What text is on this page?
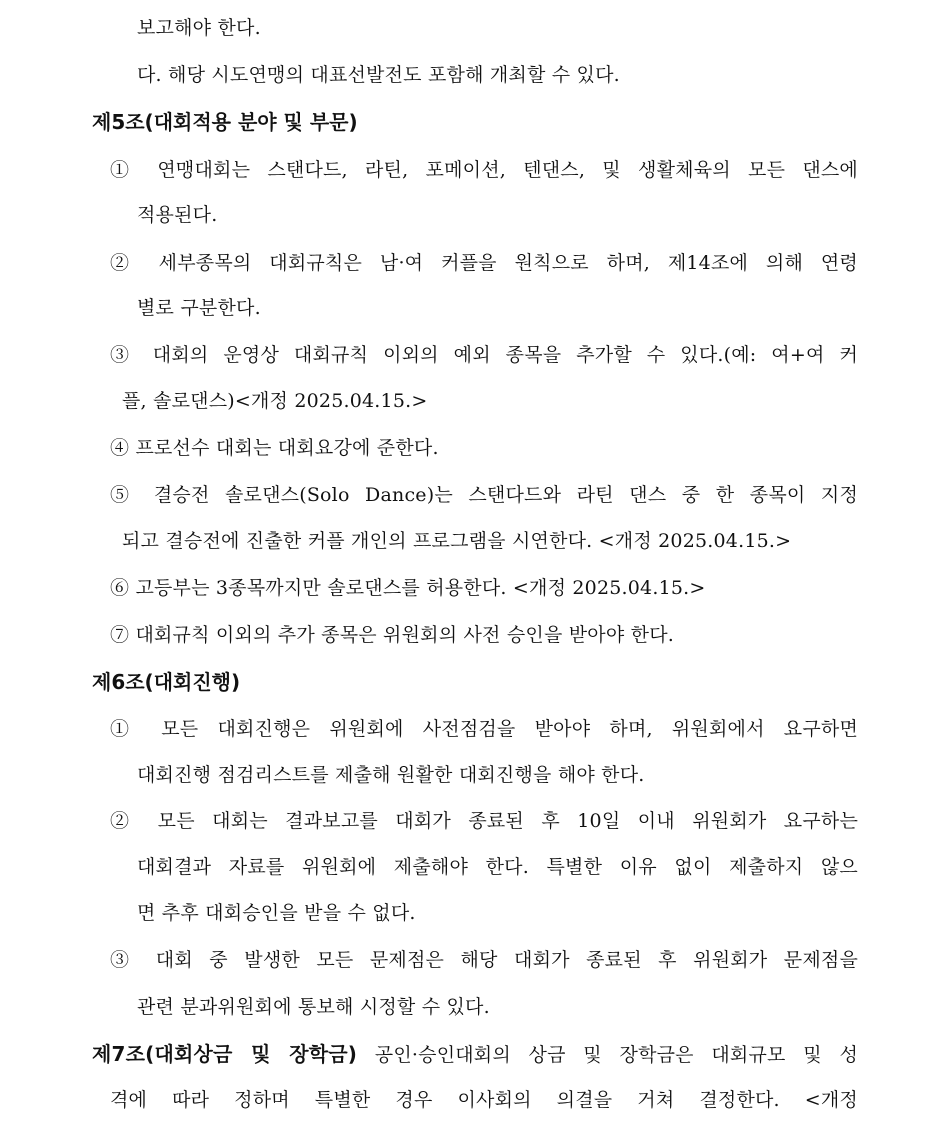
보고해야 한다.
다. 해당 시도연맹의 대표선발전도 포함해 개최할 수 있다.
제5조(대회적용 분야 및 부문)
① 연맹대회는 스탠다드, 라틴, 포메이션, 텐댄스, 및 생활체육의 모든 댄스에
적용된다.
② 세부종목의 대회규칙은 남·여 커플을 원칙으로 하며, 제14조에 의해 연령
별로 구분한다.
③ 대회의 운영상 대회규칙 이외의 예외 종목을 추가할 수 있다.(예: 여+여 커
플, 솔로댄스)<개정 2025.04.15.>
④ 프로선수 대회는 대회요강에 준한다.
⑤ 결승전 솔로댄스(Solo Dance)는 스탠다드와 라틴 댄스 중 한 종목이 지정
되고 결승전에 진출한 커플 개인의 프로그램을 시연한다. <개정 2025.04.15.>
⑥ 고등부는 3종목까지만 솔로댄스를 허용한다. <개정 2025.04.15.>
⑦ 대회규칙 이외의 추가 종목은 위원회의 사전 승인을 받아야 한다.
제6조(대회진행)
① 모든 대회진행은 위원회에 사전점검을 받아야 하며, 위원회에서 요구하면
대회진행 점검리스트를 제출해 원활한 대회진행을 해야 한다.
② 모든 대회는 결과보고를 대회가 종료된 후 10일 이내 위원회가 요구하는
대회결과 자료를 위원회에 제출해야 한다. 특별한 이유 없이 제출하지 않으
면 추후 대회승인을 받을 수 없다.
③ 대회 중 발생한 모든 문제점은 해당 대회가 종료된 후 위원회가 문제점을
관련 분과위원회에 통보해 시정할 수 있다.
제7조(대회상금 및 장학금) 공인·승인대회의 상금 및 장학금은 대회규모 및 성
격에 따라 정하며 특별한 경우 이사회의 의결을 거쳐 결정한다. <개정
